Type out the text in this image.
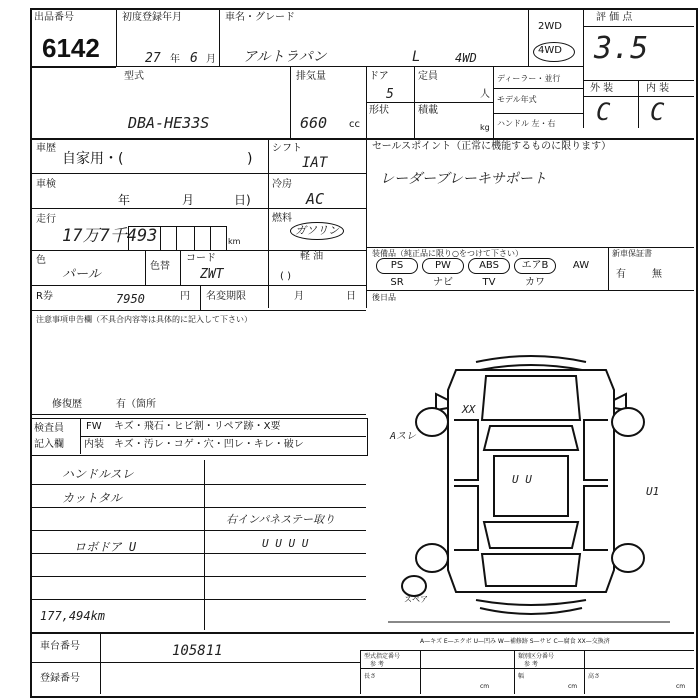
出品番号
6142
初度登録年月
27 年 6 月
車名・グレード
アルトラパン	L	4WD
2WD
4WD
評 価 点
3.5
型式
DBA-HE33S
排気量
660 cc
ドア
5
定員
人
形状	積載
kg
ディーラー・並行
モデル年式
ハンドル 左・右
外 装	内 装
C C
車歴
自家用・(	)
シフト
IAT
車検
年	月	日)
冷房
AC
走行
17万7千493	km
燃料
ガソリン
軽 油
( )
色
パール
色替
コード
ZWT
R券	7950	円 名変期限	月	日
セールスポイント（正常に機能するものに限ります）
レーダーブレーキサポート
装備品（純正品に限り○をつけて下さい）	新車保証書
有	無
後日品
注意事項申告欄（不具合内容等は具体的に記入して下さい）
修復歴	有（箇所
検査員
記入欄
FW キズ・飛石・ヒビ割・リペア跡・X要
内装 キズ・汚レ・コゲ・穴・凹レ・キレ・破レ
ハンドルスレ
カットタル
ロボドア U
177,494km
右インパネステー取り
U U U U
XX
Aスレ
U1
U U
スペア
A—キズ E—エクボ U—凹み W—補修跡 S—サビ C—腐食 XX—交換済
車台番号	105811
登録番号
型式指定番号
参 考
類別区分番号
参 考
長さ
cm
幅
cm
高さ
cm
PS	PW	ABS	エアB	AW
SR	ナビ	TV	カワ
